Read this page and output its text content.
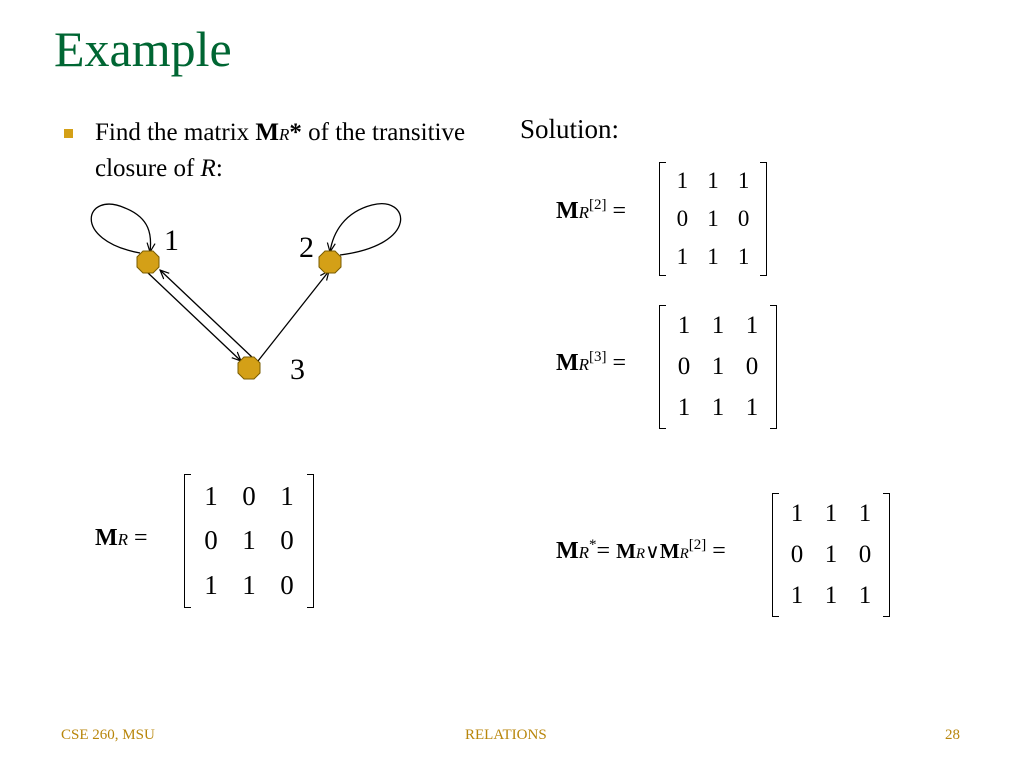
Example
Find the matrix MR* of the transitive closure of R:
Solution:
1	2
3
MR[2] =
1 1 1
0 1 0
1 1 1
MR[3] =
1 1 1
0 1 0
1 1 1
MR =
1 0 1
0 1 0
1 1 0
MR*= MR∨MR[2] =
1 1 1
0 1 0
1 1 1
CSE 260, MSU	RELATIONS	28
